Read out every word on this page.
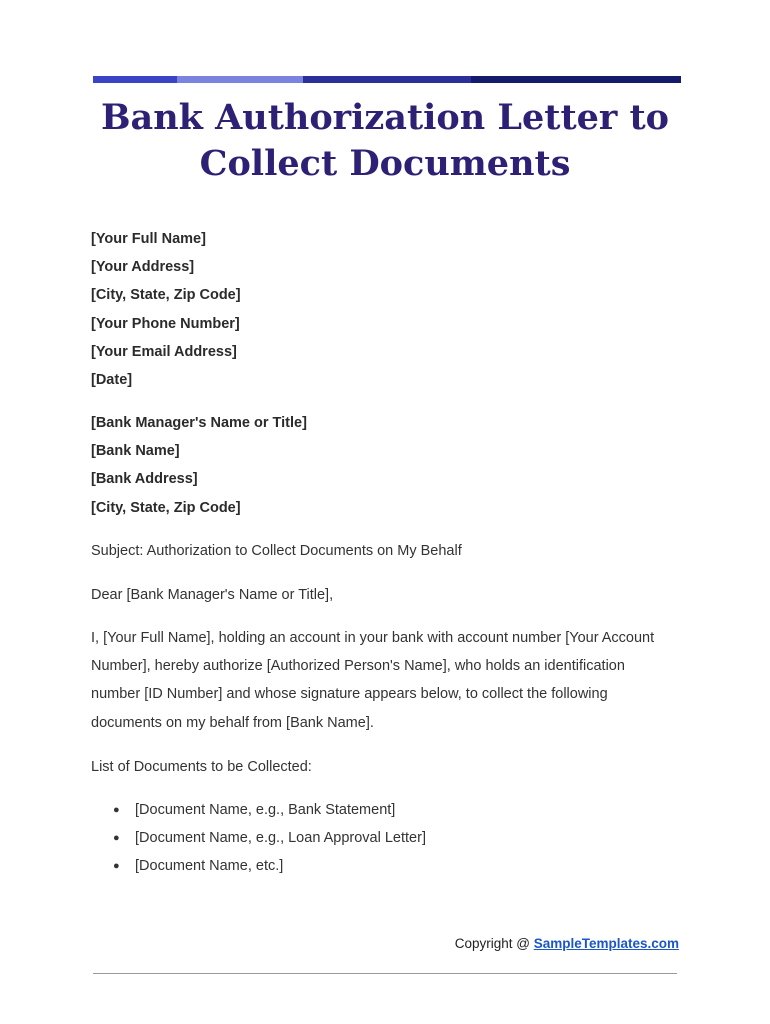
Bank Authorization Letter to
Collect Documents
[Your Full Name]
[Your Address]
[City, State, Zip Code]
[Your Phone Number]
[Your Email Address]
[Date]
[Bank Manager's Name or Title]
[Bank Name]
[Bank Address]
[City, State, Zip Code]
Subject: Authorization to Collect Documents on My Behalf
Dear [Bank Manager's Name or Title],
I, [Your Full Name], holding an account in your bank with account number [Your Account
Number], hereby authorize [Authorized Person's Name], who holds an identification
number [ID Number] and whose signature appears below, to collect the following
documents on my behalf from [Bank Name].
List of Documents to be Collected:
● [Document Name, e.g., Bank Statement]
● [Document Name, e.g., Loan Approval Letter]
● [Document Name, etc.]
Copyright @ SampleTemplates.com
